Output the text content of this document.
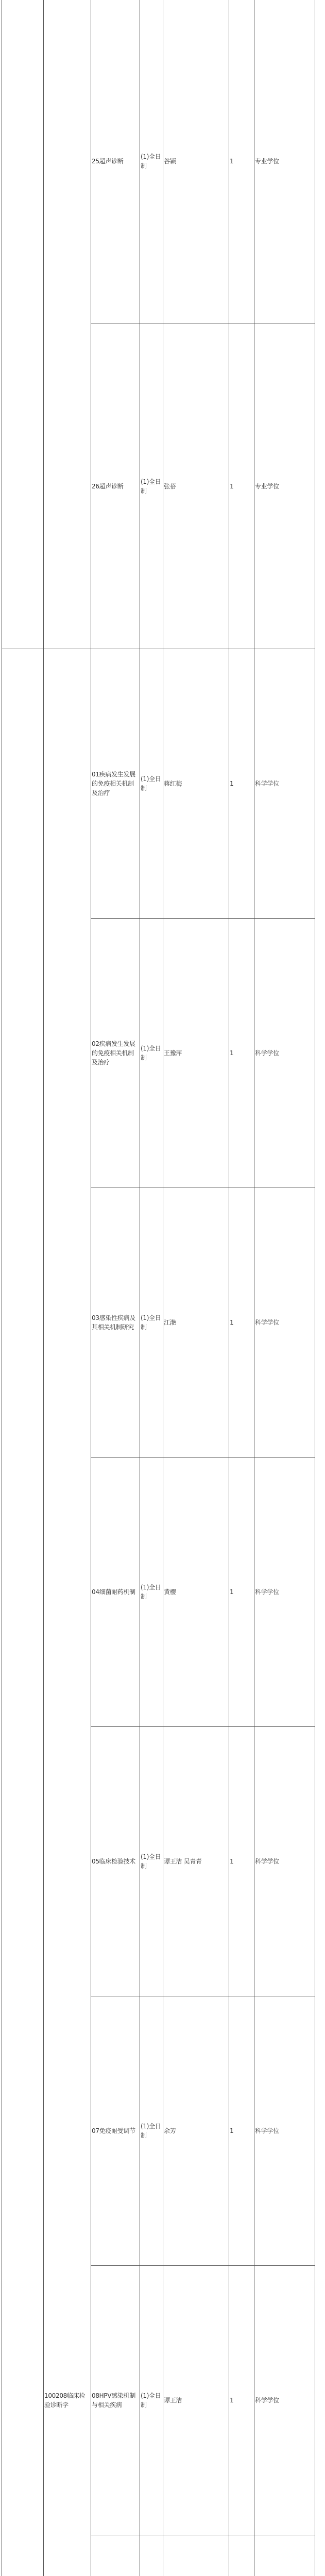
		25超声诊断	(1)全日制	谷颖	1	专业学位	
		26超声诊断	(1)全日制	张蓓	1	专业学位	
	100208临床检验诊断学	01疾病发生发展的免疫相关机制及治疗	(1)全日制	蒋红梅	1	科学学位	
		02疾病发生发展的免疫相关机制及治疗	(1)全日制	王豫萍	1	科学学位	
		03感染性疾病及其相关机制研究	(1)全日制	江滟	1	科学学位	
		04细菌耐药机制	(1)全日制	黄樱	1	科学学位	
		05临床检验技术	(1)全日制	谭王洁 吴青青	1	科学学位	
		07免疫耐受调节	(1)全日制	余芳	1	科学学位	
		08HPV感染机制与相关疾病	(1)全日制	谭王洁	1	科学学位	
